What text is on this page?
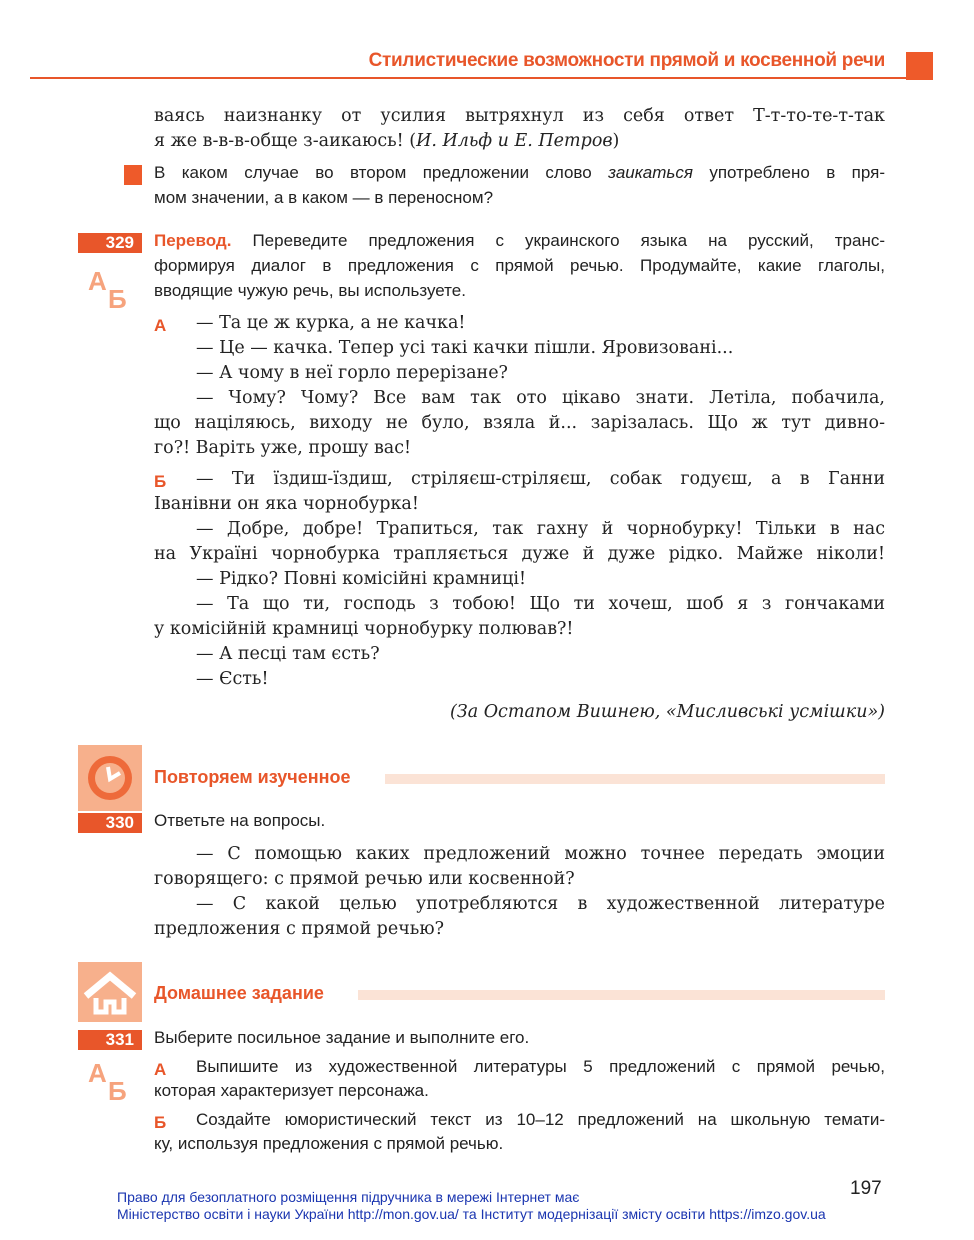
Стилистические возможности прямой и косвенной речи
ваясь наизнанку от усилия вытряхнул из себя ответ Т-т-то-те-т-так
я же в-в-в-обще з-аикаюсь! (И. Ильф и Е. Петров)
В каком случае во втором предложении слово заикаться употреблено в пря-
мом значении, а в каком — в переносном?
329
А
Б
Перевод. Переведите предложения с украинского языка на русский, транс-
формируя диалог в предложения с прямой речью. Продумайте, какие глаголы,
вводящие чужую речь, вы используете.
А	— Та це ж курка, а не качка!
— Це — качка. Тепер усі такі качки пішли. Яровизовані...
— А чому в неї горло перерізане?
— Чому? Чому? Все вам так ото цікаво знати. Летіла, побачила,
що націляюсь, виходу не було, взяла й... зарізалась. Що ж тут дивно-
го?! Варіть уже, прошу вас!
Б	— Ти їздиш-їздиш, стріляєш-стріляєш, собак годуєш, а в Ганни
Іванівни он яка чорнобурка!
— Добре, добре! Трапиться, так гахну й чорнобурку! Тільки в нас
на Україні чорнобурка трапляється дуже й дуже рідко. Майже ніколи!
— Рідко? Повні комісійні крамниці!
— Та що ти, господь з тобою! Що ти хочеш, шоб я з гончаками
у комісійній крамниці чорнобурку полював?!
— А песці там єсть?
— Єсть!
(За Остапом Вишнею, «Мисливські усмішки»)
Повторяем изученное
330	Ответьте на вопросы.
— С помощью каких предложений можно точнее передать эмоции
говорящего: с прямой речью или косвенной?
— С какой целью употребляются в художественной литературе
предложения с прямой речью?
Домашнее задание
331	Выберите посильное задание и выполните его.
А
Б
А Выпишите из художественной литературы 5 предложений с прямой речью,
которая характеризует персонажа.
Б Создайте юмористический текст из 10–12 предложений на школьную темати-
ку, используя предложения с прямой речью.
197
Право для безоплатного розміщення підручника в мережі Інтернет має
Міністерство освіти і науки України http://mon.gov.ua/ та Інститут модернізації змісту освіти https://imzo.gov.ua
